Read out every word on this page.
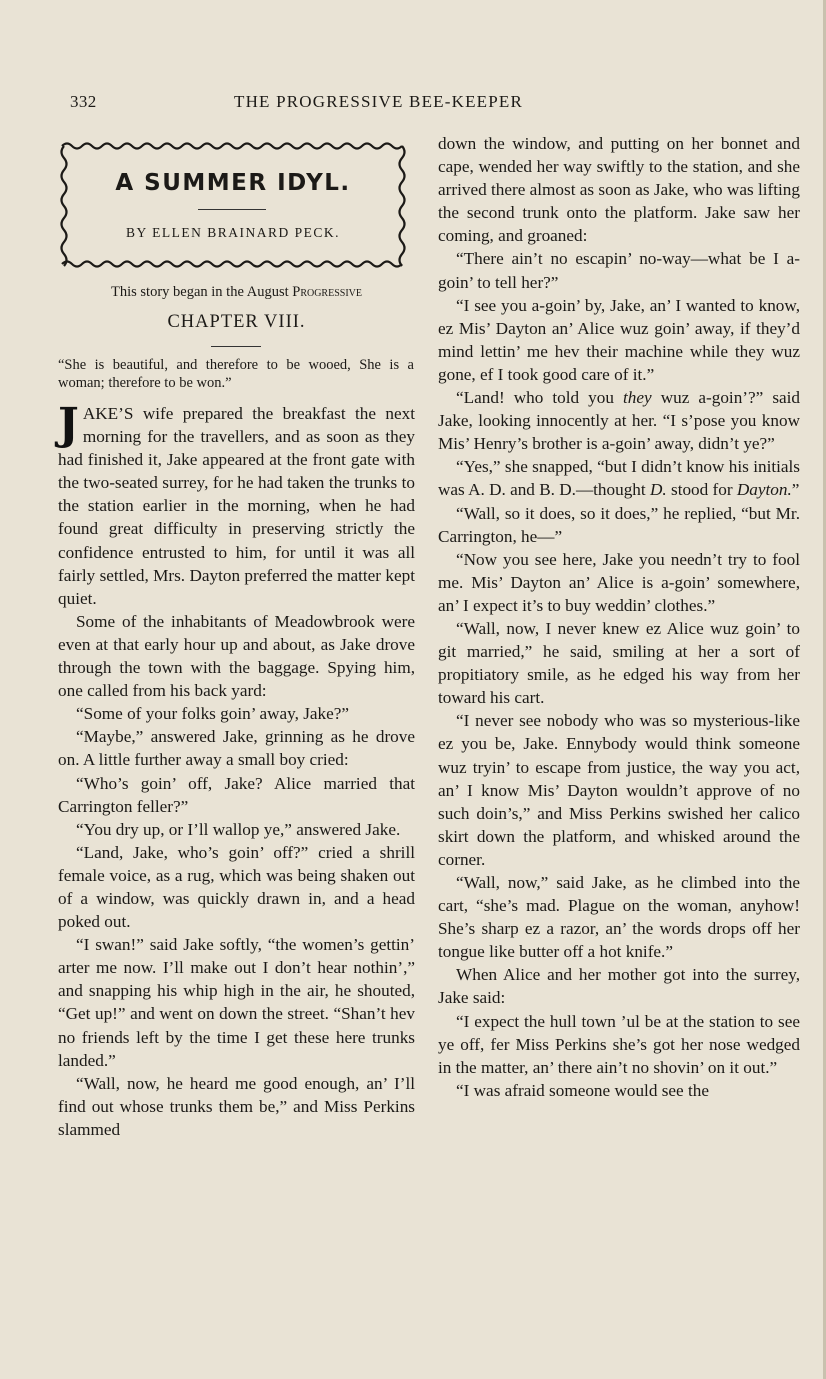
332	THE PROGRESSIVE BEE-KEEPER
A SUMMER IDYL.
BY ELLEN BRAINARD PECK.
This story began in the August Progressive
CHAPTER VIII.
“She is beautiful, and therefore to be wooed, She is a woman; therefore to be won.”

JAKE’S wife prepared the breakfast the next morning for the travellers, and as soon as they had finished it, Jake appeared at the front gate with the two-seated surrey, for he had taken the trunks to the station earlier in the morning, when he had found great difficulty in preserving strictly the confidence entrusted to him, for until it was all fairly settled, Mrs. Dayton preferred the matter kept quiet.

Some of the inhabitants of Meadowbrook were even at that early hour up and about, as Jake drove through the town with the baggage. Spying him, one called from his back yard:

“Some of your folks goin’ away, Jake?”

“Maybe,” answered Jake, grinning as he drove on. A little further away a small boy cried:

“Who’s goin’ off, Jake? Alice married that Carrington feller?”

“You dry up, or I’ll wallop ye,” answered Jake.

“Land, Jake, who’s goin’ off?” cried a shrill female voice, as a rug, which was being shaken out of a window, was quickly drawn in, and a head poked out.

“I swan!” said Jake softly, “the women’s gettin’ arter me now. I’ll make out I don’t hear nothin’,” and snapping his whip high in the air, he shouted, “Get up!” and went on down the street. “Shan’t hev no friends left by the time I get these here trunks landed.”

“Wall, now, he heard me good enough, an’ I’ll find out whose trunks them be,” and Miss Perkins slammed

down the window, and putting on her bonnet and cape, wended her way swiftly to the station, and she arrived there almost as soon as Jake, who was lifting the second trunk onto the platform. Jake saw her coming, and groaned:

“There ain’t no escapin’ no-way—what be I a-goin’ to tell her?”

“I see you a-goin’ by, Jake, an’ I wanted to know, ez Mis’ Dayton an’ Alice wuz goin’ away, if they’d mind lettin’ me hev their machine while they wuz gone, ef I took good care of it.”

“Land! who told you they wuz a-goin’?” said Jake, looking innocently at her. “I s’pose you know Mis’ Henry’s brother is a-goin’ away, didn’t ye?”

“Yes,” she snapped, “but I didn’t know his initials was A. D. and B. D.—thought D. stood for Dayton.”

“Wall, so it does, so it does,” he replied, “but Mr. Carrington, he—”

“Now you see here, Jake you needn’t try to fool me. Mis’ Dayton an’ Alice is a-goin’ somewhere, an’ I expect it’s to buy weddin’ clothes.”

“Wall, now, I never knew ez Alice wuz goin’ to git married,” he said, smiling at her a sort of propitiatory smile, as he edged his way from her toward his cart.

“I never see nobody who was so mysterious-like ez you be, Jake. Ennybody would think someone wuz tryin’ to escape from justice, the way you act, an’ I know Mis’ Dayton wouldn’t approve of no such doin’s,” and Miss Perkins swished her calico skirt down the platform, and whisked around the corner.

“Wall, now,” said Jake, as he climbed into the cart, “she’s mad. Plague on the woman, anyhow! She’s sharp ez a razor, an’ the words drops off her tongue like butter off a hot knife.”

When Alice and her mother got into the surrey, Jake said:

“I expect the hull town ’ul be at the station to see ye off, fer Miss Perkins she’s got her nose wedged in the matter, an’ there ain’t no shovin’ on it out.”

“I was afraid someone would see the
